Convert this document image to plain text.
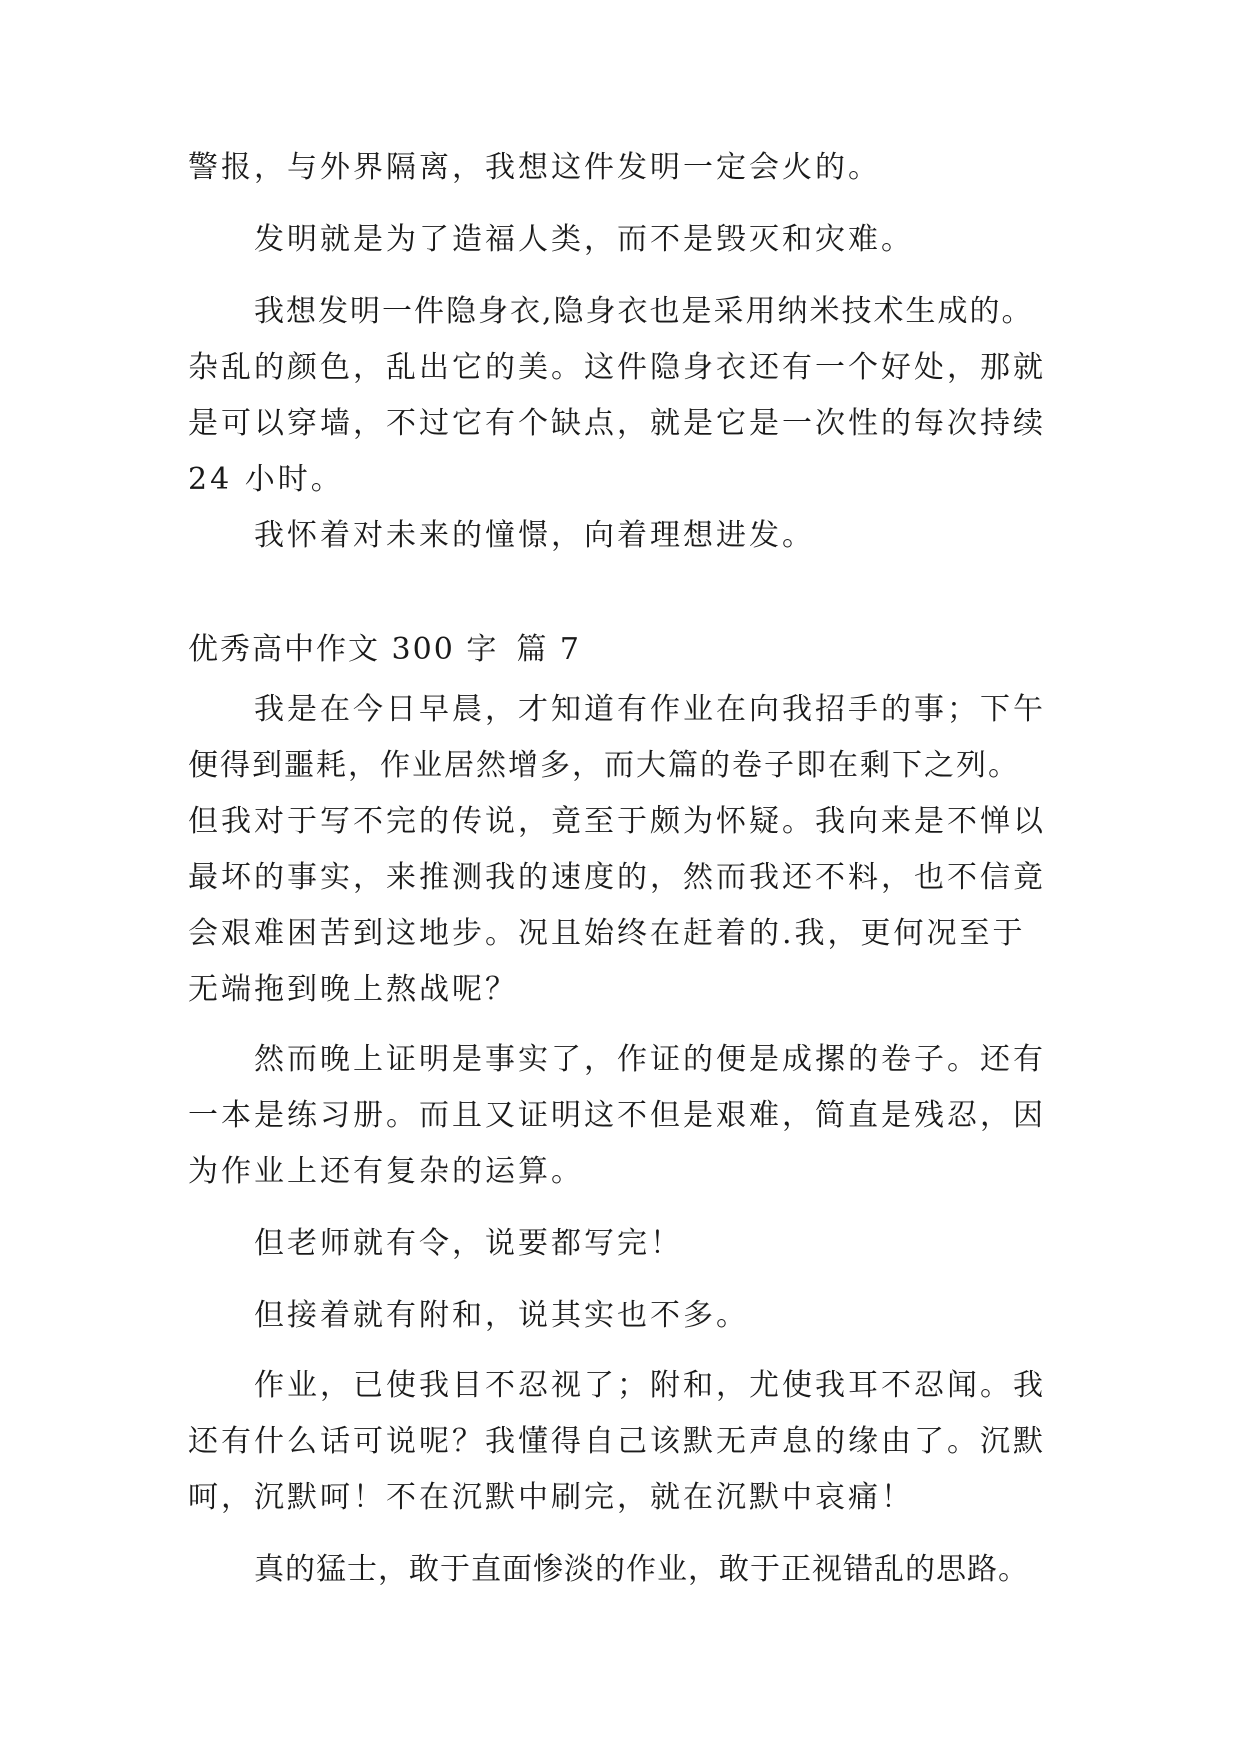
警报，与外界隔离，我想这件发明一定会火的。
发明就是为了造福人类，而不是毁灭和灾难。
我想发明一件隐身衣,隐身衣也是采用纳米技术生成的。
杂乱的颜色，乱出它的美。这件隐身衣还有一个好处，那就
是可以穿墙，不过它有个缺点，就是它是一次性的每次持续
24 小时。
我怀着对未来的憧憬，向着理想进发。
优秀高中作文 300 字 篇 7
我是在今日早晨，才知道有作业在向我招手的事；下午
便得到噩耗，作业居然增多，而大篇的卷子即在剩下之列。
但我对于写不完的传说，竟至于颇为怀疑。我向来是不惮以
最坏的事实，来推测我的速度的，然而我还不料，也不信竟
会艰难困苦到这地步。况且始终在赶着的.我，更何况至于
无端拖到晚上熬战呢？
然而晚上证明是事实了，作证的便是成摞的卷子。还有
一本是练习册。而且又证明这不但是艰难，简直是残忍，因
为作业上还有复杂的运算。
但老师就有令，说要都写完！
但接着就有附和，说其实也不多。
作业，已使我目不忍视了；附和，尤使我耳不忍闻。我
还有什么话可说呢？我懂得自己该默无声息的缘由了。沉默
呵，沉默呵！不在沉默中刷完，就在沉默中哀痛！
真的猛士，敢于直面惨淡的作业，敢于正视错乱的思路。
